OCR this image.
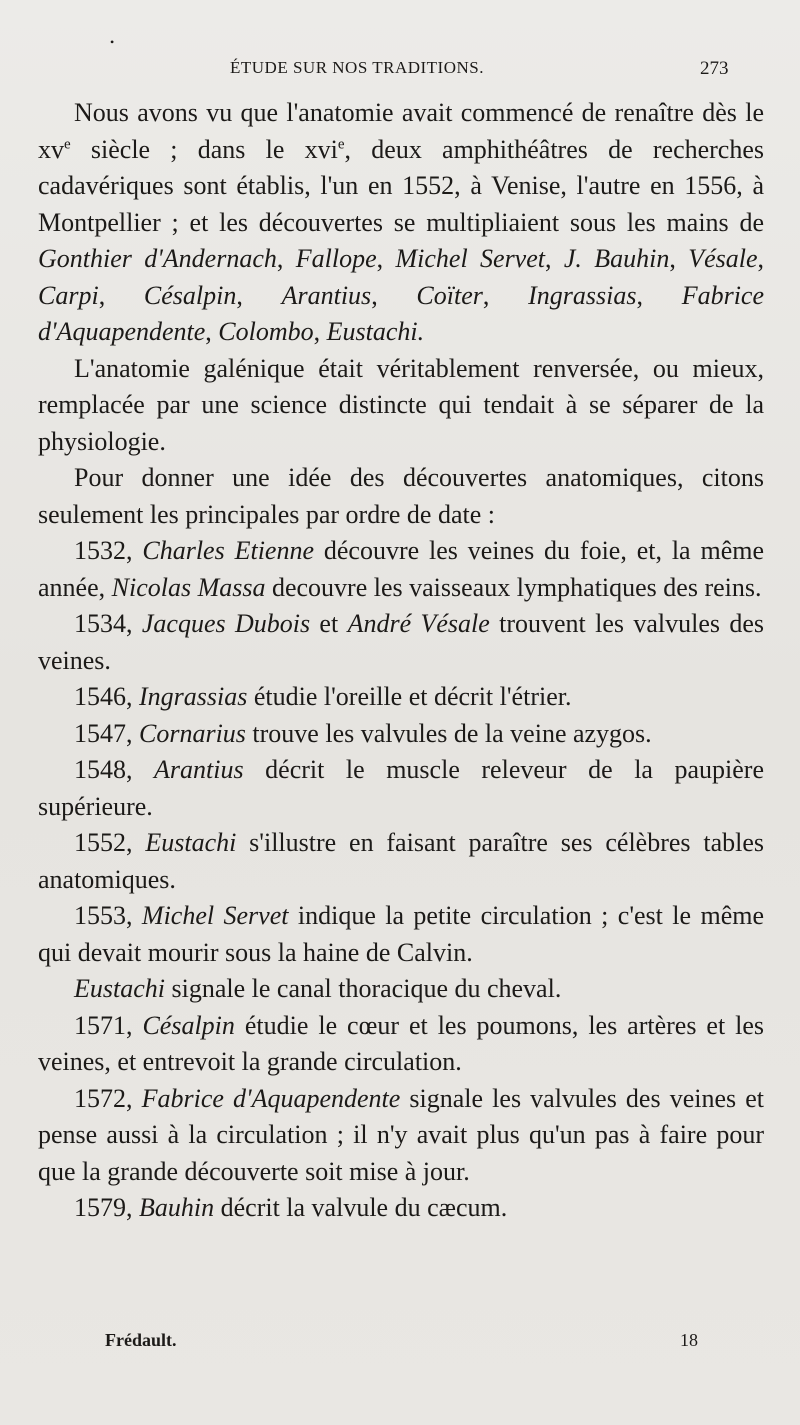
•
ÉTUDE SUR NOS TRADITIONS.	273

Nous avons vu que l'anatomie avait commencé de renaître dès le $xv^e$ siècle ; dans le xvi$^e$, deux amphithéâtres de recherches cadavériques sont établis, l'un en 1552, à Venise, l'autre en 1556, à Montpellier ; et les découvertes se multipliaient sous les mains de Gonthier d'Andernach, Fallope, Michel Servet, J. Bauhin, Vésale, Carpi, Césalpin, Arantius, Coïter, Ingrassias, Fabrice d'Aquapendente, Colombo, Eustachi.

L'anatomie galénique était véritablement renversée, ou mieux, remplacée par une science distincte qui tendait à se séparer de la physiologie.

Pour donner une idée des découvertes anatomiques, citons seulement les principales par ordre de date :

1532, Charles Etienne découvre les veines du foie, et, la même année, Nicolas Massa decouvre les vaisseaux lymphatiques des reins.

1534, Jacques Dubois et André Vésale trouvent les valvules des veines.

1546, Ingrassias étudie l'oreille et décrit l'étrier.

1547, Cornarius trouve les valvules de la veine azygos.

1548, Arantius décrit le muscle releveur de la paupière supérieure.

1552, Eustachi s'illustre en faisant paraître ses célèbres tables anatomiques.

1553, Michel Servet indique la petite circulation ; c'est le même qui devait mourir sous la haine de Calvin.

Eustachi signale le canal thoracique du cheval.

1571, Césalpin étudie le cœur et les poumons, les artères et les veines, et entrevoit la grande circulation.

1572, Fabrice d'Aquapendente signale les valvules des veines et pense aussi à la circulation ; il n'y avait plus qu'un pas à faire pour que la grande découverte soit mise à jour.

1579, Bauhin décrit la valvule du cæcum.

Frédault.	18
